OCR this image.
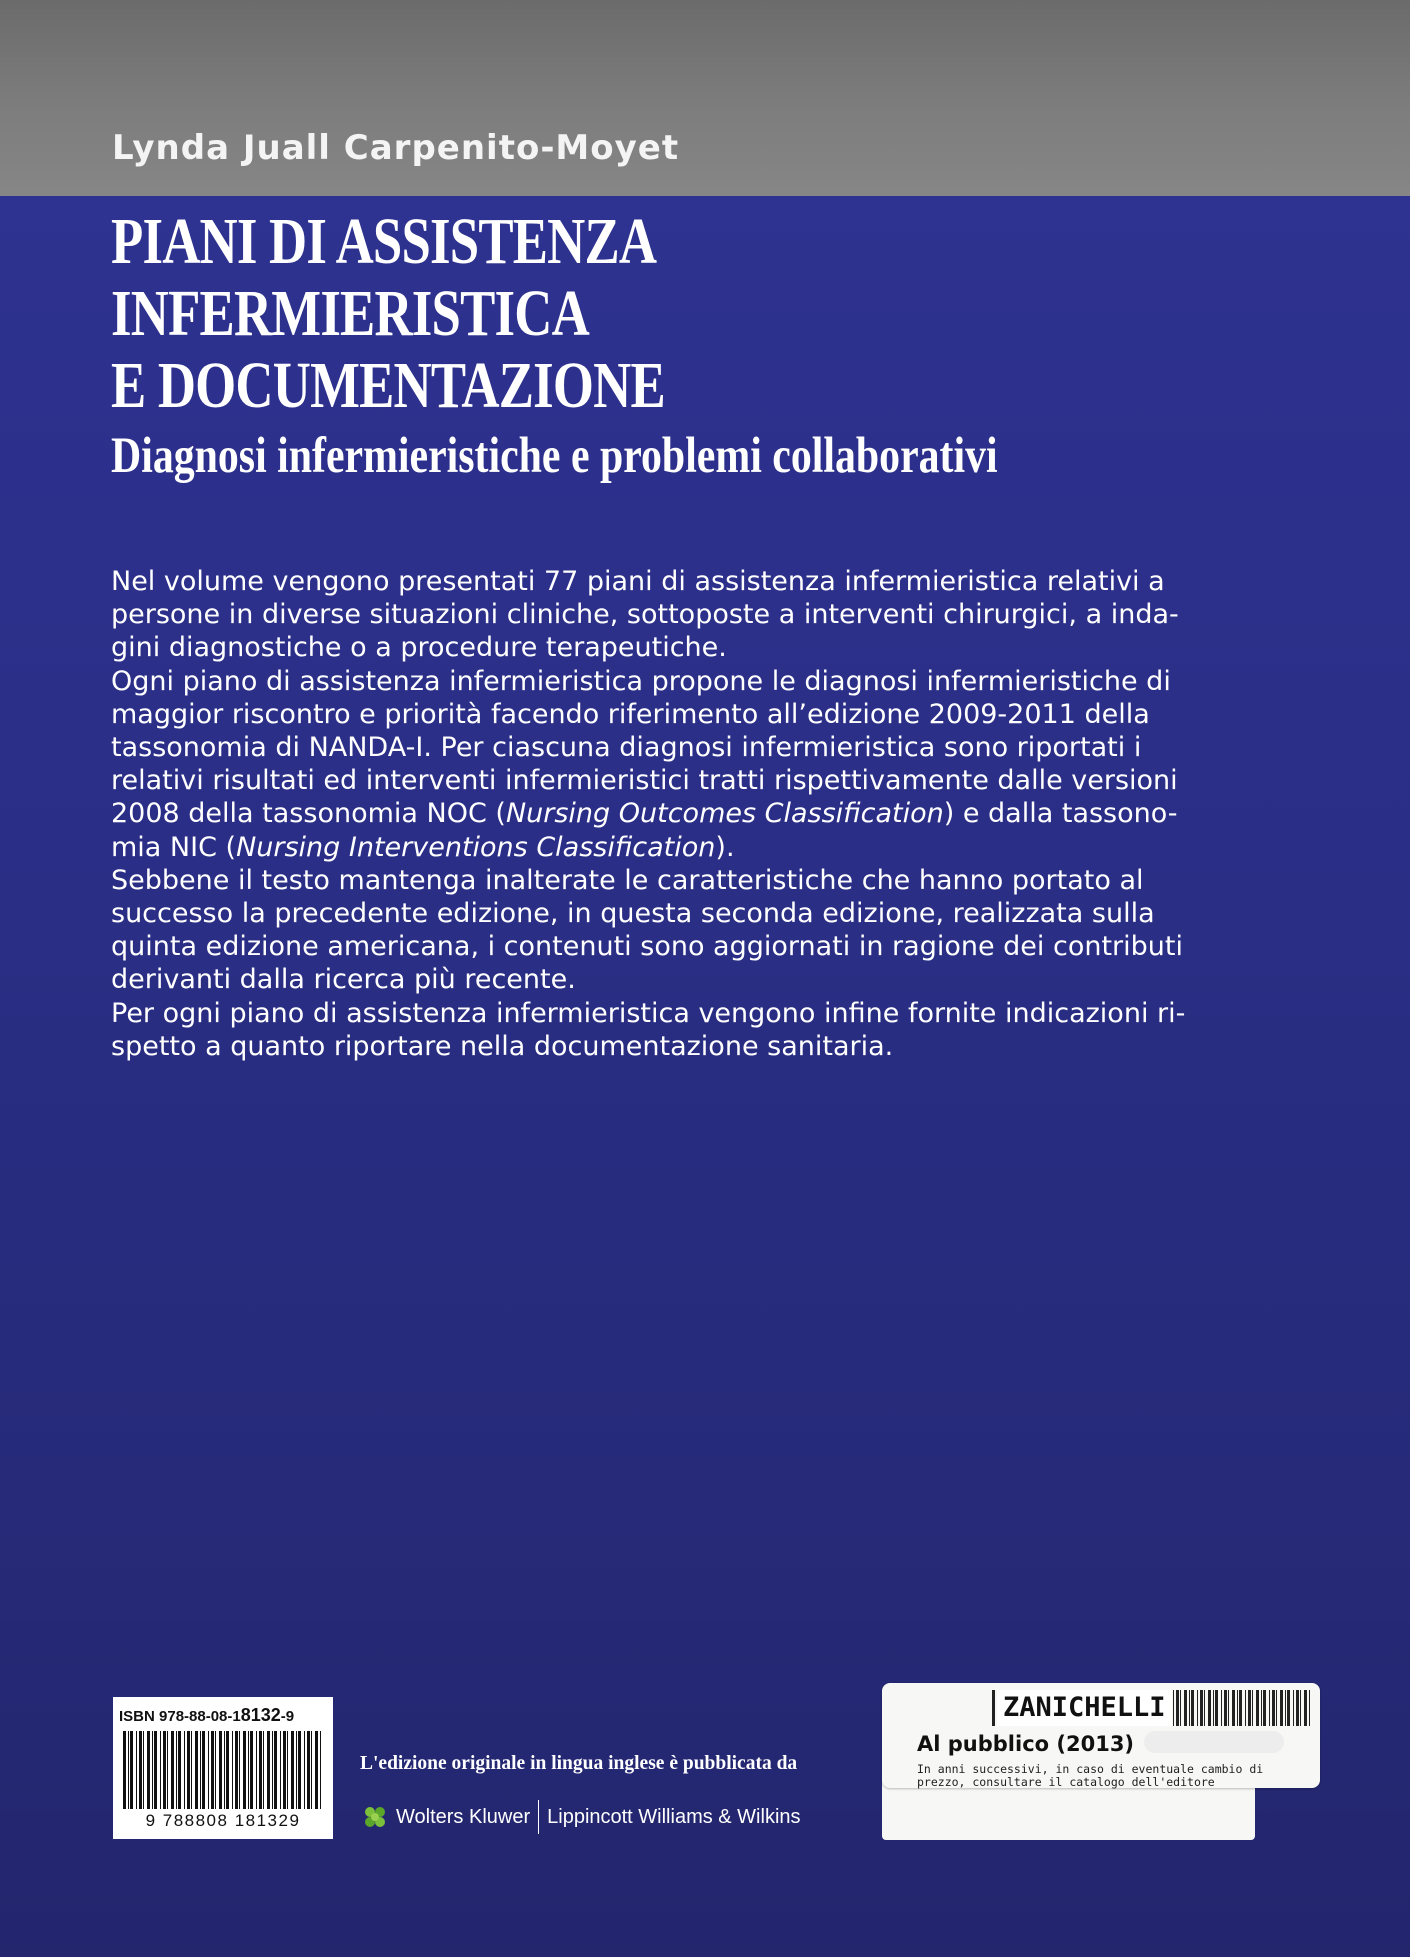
Lynda Juall Carpenito-Moyet
PIANI DI ASSISTENZA
INFERMIERISTICA
E DOCUMENTAZIONE
Diagnosi infermieristiche e problemi collaborativi
Nel volume vengono presentati 77 piani di assistenza infermieristica relativi a
persone in diverse situazioni cliniche, sottoposte a interventi chirurgici, a inda-
gini diagnostiche o a procedure terapeutiche.
Ogni piano di assistenza infermieristica propone le diagnosi infermieristiche di
maggior riscontro e priorità facendo riferimento all’edizione 2009-2011 della
tassonomia di NANDA-I. Per ciascuna diagnosi infermieristica sono riportati i
relativi risultati ed interventi infermieristici tratti rispettivamente dalle versioni
2008 della tassonomia NOC (Nursing Outcomes Classification) e dalla tassono-
mia NIC (Nursing Interventions Classification).
Sebbene il testo mantenga inalterate le caratteristiche che hanno portato al
successo la precedente edizione, in questa seconda edizione, realizzata sulla
quinta edizione americana, i contenuti sono aggiornati in ragione dei contributi
derivanti dalla ricerca più recente.
Per ogni piano di assistenza infermieristica vengono infine fornite indicazioni ri-
spetto a quanto riportare nella documentazione sanitaria.
ISBN 978-88-08-18132-9
9 788808 181329
L'edizione originale in lingua inglese è pubblicata da
Wolters Kluwer Lippincott Williams & Wilkins
ZANICHELLI
Al pubblico (2013)
In anni successivi, in caso di eventuale cambio di
prezzo, consultare il catalogo dell'editore
